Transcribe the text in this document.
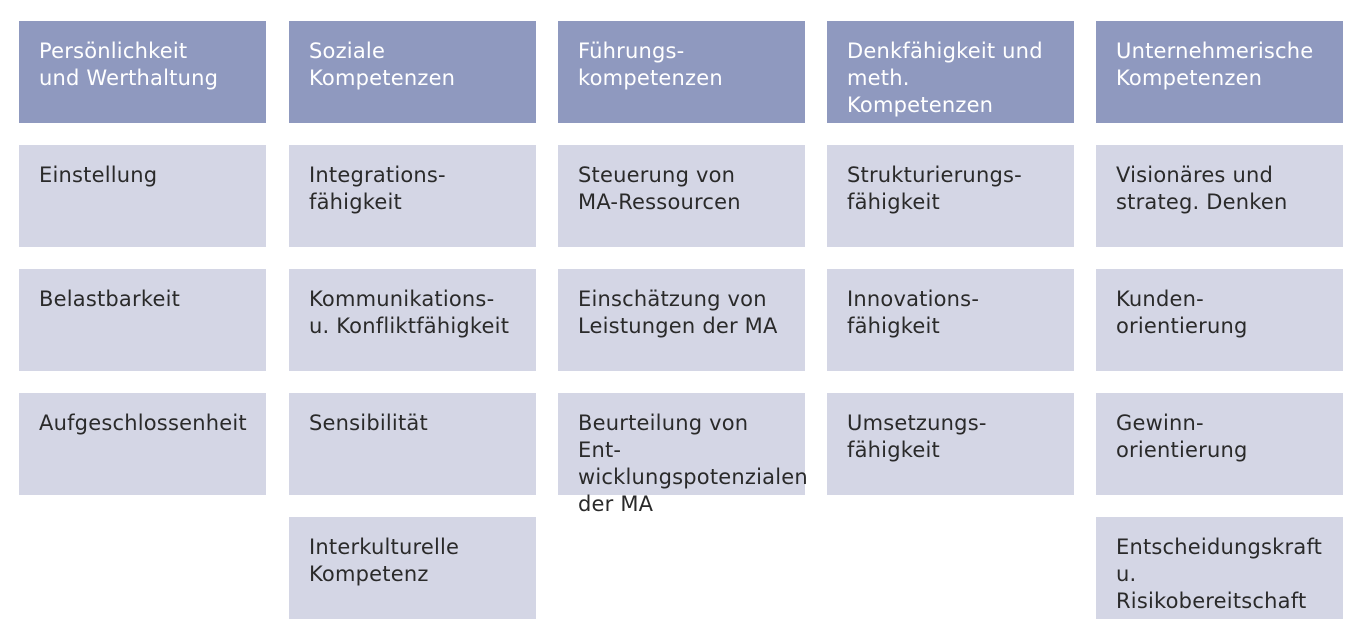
Persönlichkeit
und Werthaltung
Einstellung
Belastbarkeit
Aufgeschlossenheit
Soziale
Kompetenzen
Integrations-
fähigkeit
Kommunikations-
u. Konfliktfähigkeit
Sensibilität
Interkulturelle
Kompetenz
Führungs-
kompetenzen
Steuerung von
MA-Ressourcen
Einschätzung von
Leistungen der MA
Beurteilung von Ent-
wicklungspotenzialen
der MA
Denkfähigkeit und
meth. Kompetenzen
Strukturierungs-
fähigkeit
Innovations-
fähigkeit
Umsetzungs-
fähigkeit
Unternehmerische
Kompetenzen
Visionäres und
strateg. Denken
Kunden-
orientierung
Gewinn-
orientierung
Entscheidungskraft
u. Risikobereitschaft
